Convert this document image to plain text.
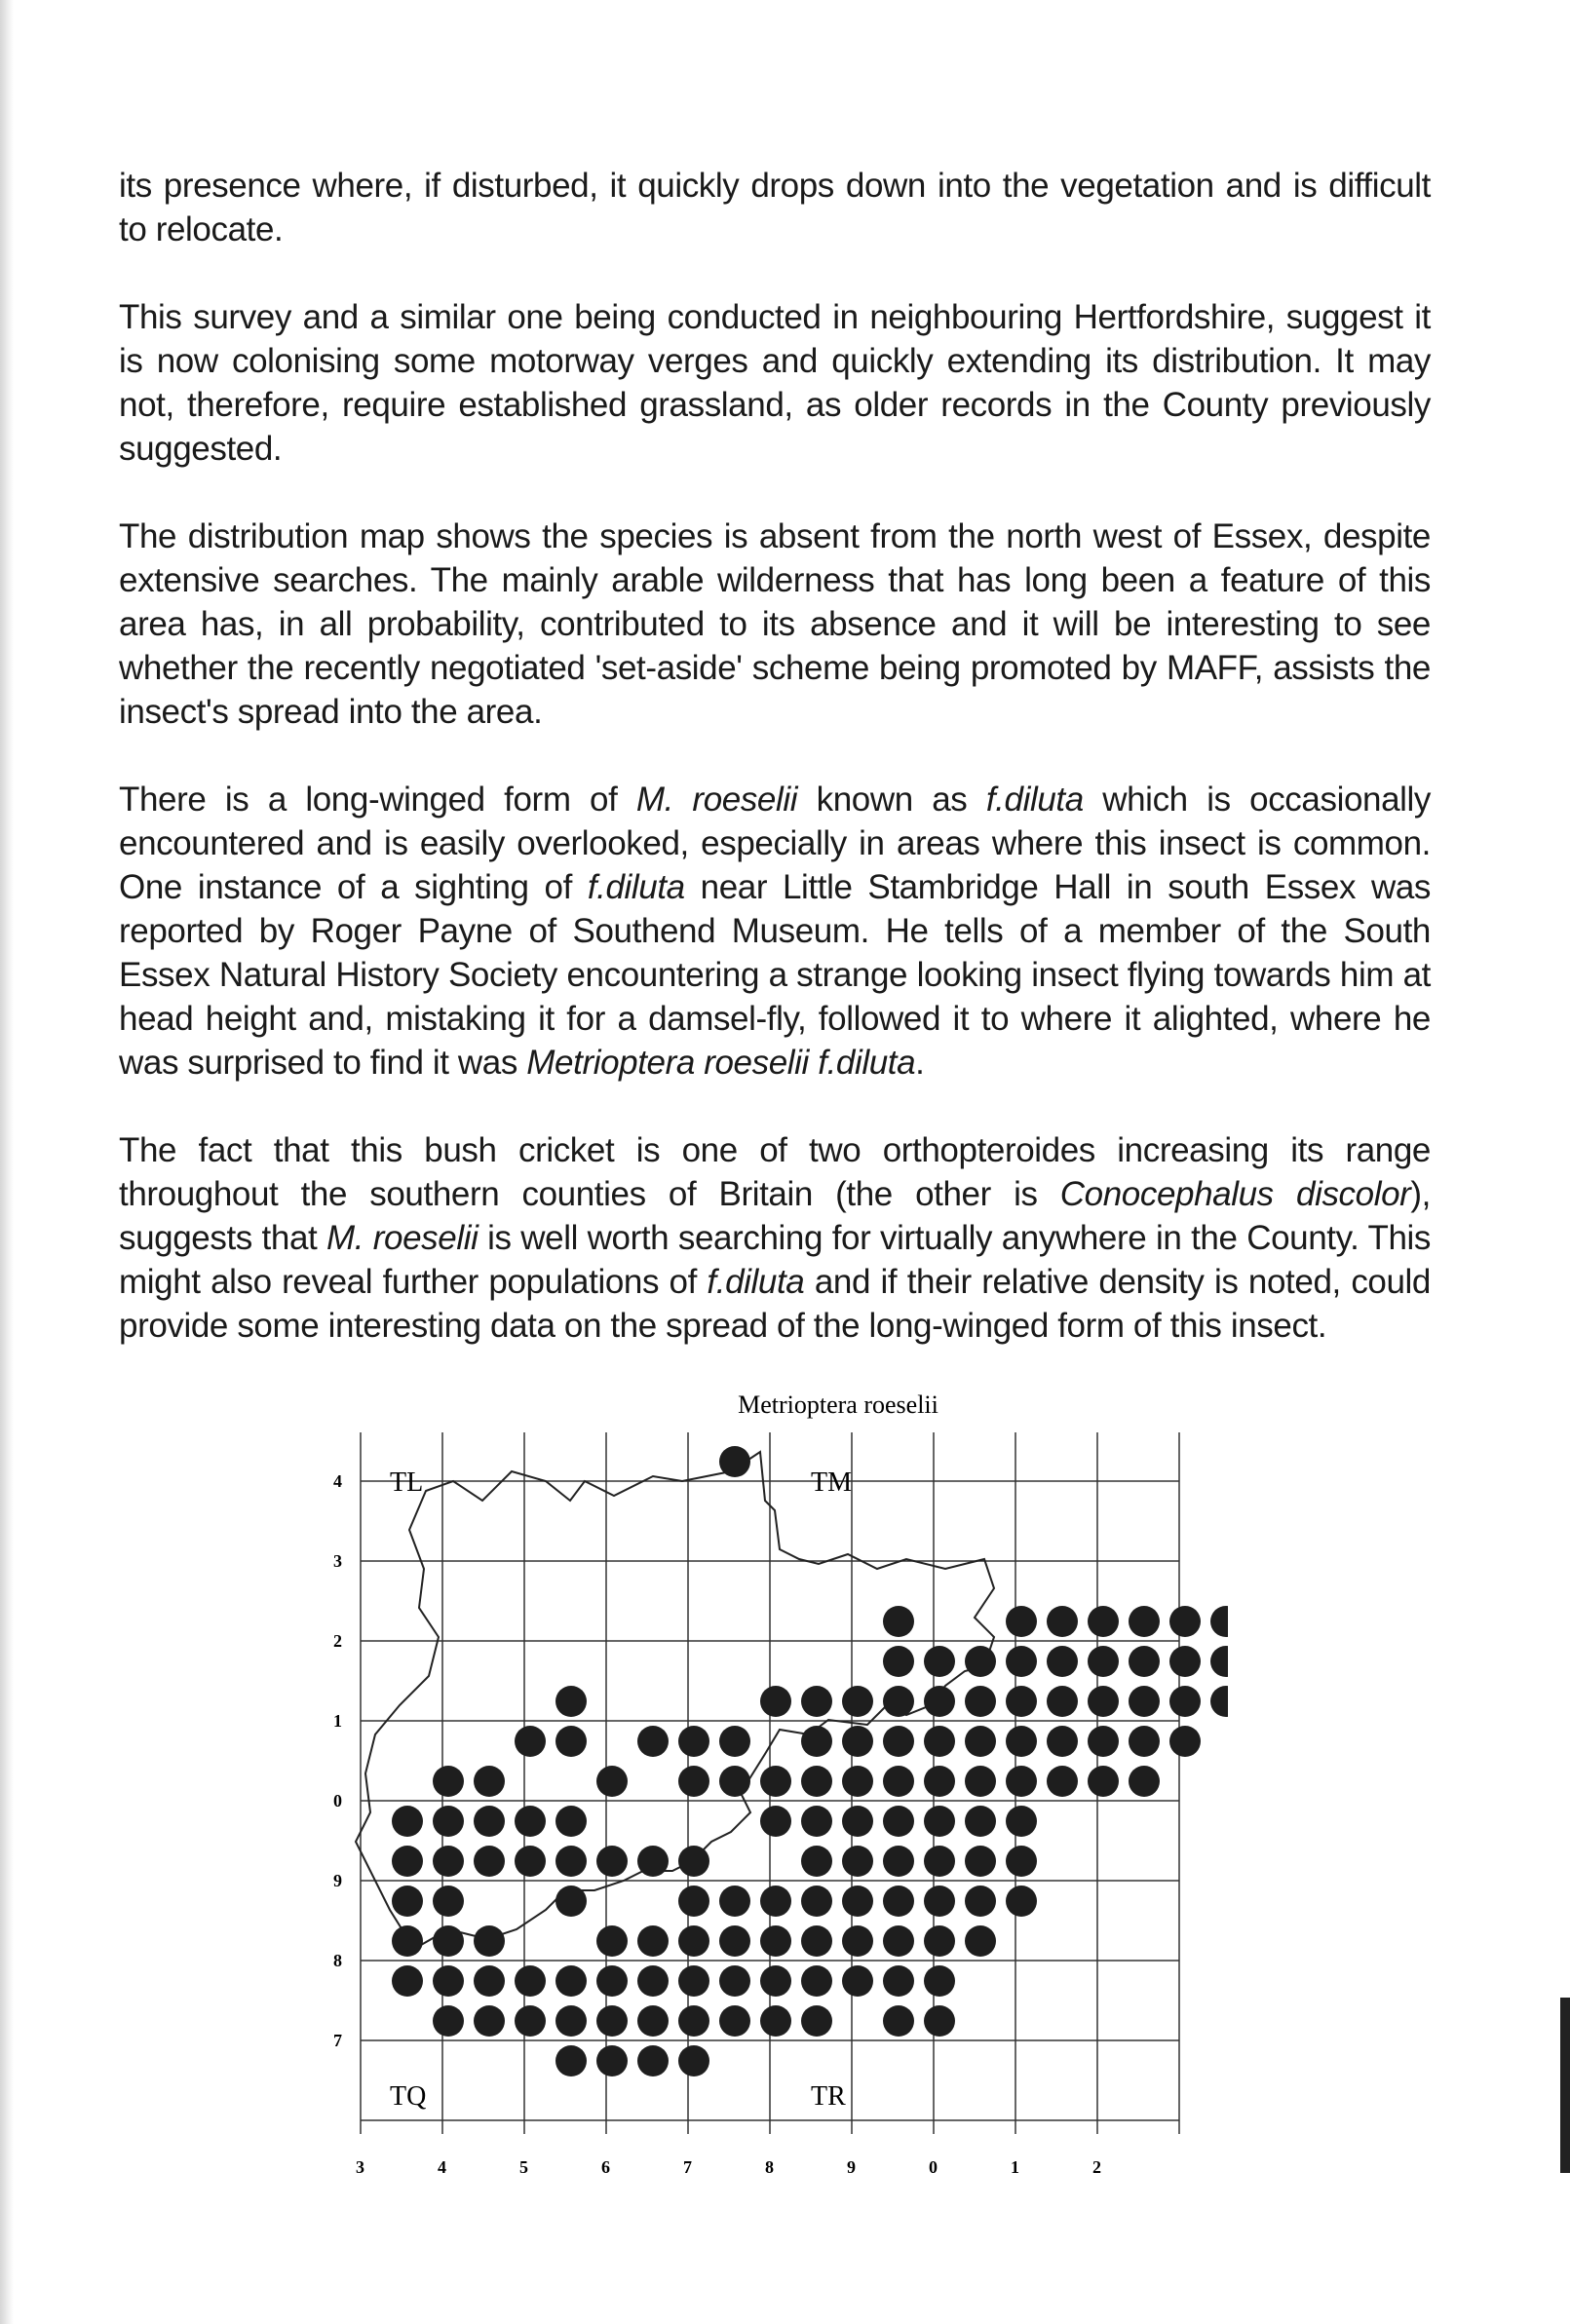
its presence where, if disturbed, it quickly drops down into the vegetation and is difficult to relocate.

This survey and a similar one being conducted in neighbouring Hertfordshire, suggest it is now colonising some motorway verges and quickly extending its distribution. It may not, therefore, require established grassland, as older records in the County previously suggested.

The distribution map shows the species is absent from the north west of Essex, despite extensive searches. The mainly arable wilderness that has long been a feature of this area has, in all probability, contributed to its absence and it will be interesting to see whether the recently negotiated 'set-aside' scheme being promoted by MAFF, assists the insect's spread into the area.

There is a long-winged form of M. roeselii known as f.diluta which is occasionally encountered and is easily overlooked, especially in areas where this insect is common. One instance of a sighting of f.diluta near Little Stambridge Hall in south Essex was reported by Roger Payne of Southend Museum. He tells of a member of the South Essex Natural History Society encountering a strange looking insect flying towards him at head height and, mistaking it for a damsel-fly, followed it to where it alighted, where he was surprised to find it was Metrioptera roeselii f.diluta.

The fact that this bush cricket is one of two orthopteroides increasing its range throughout the southern counties of Britain (the other is Conocephalus discolor), suggests that M. roeselii is well worth searching for virtually anywhere in the County. This might also reveal further populations of f.diluta and if their relative density is noted, could provide some interesting data on the spread of the long-winged form of this insect.

Metrioptera roeselii
TL	TM
TQ	TR
3	4	5	6	7	8	9	0	1	2
4
3
2
1
0
9
8
7
